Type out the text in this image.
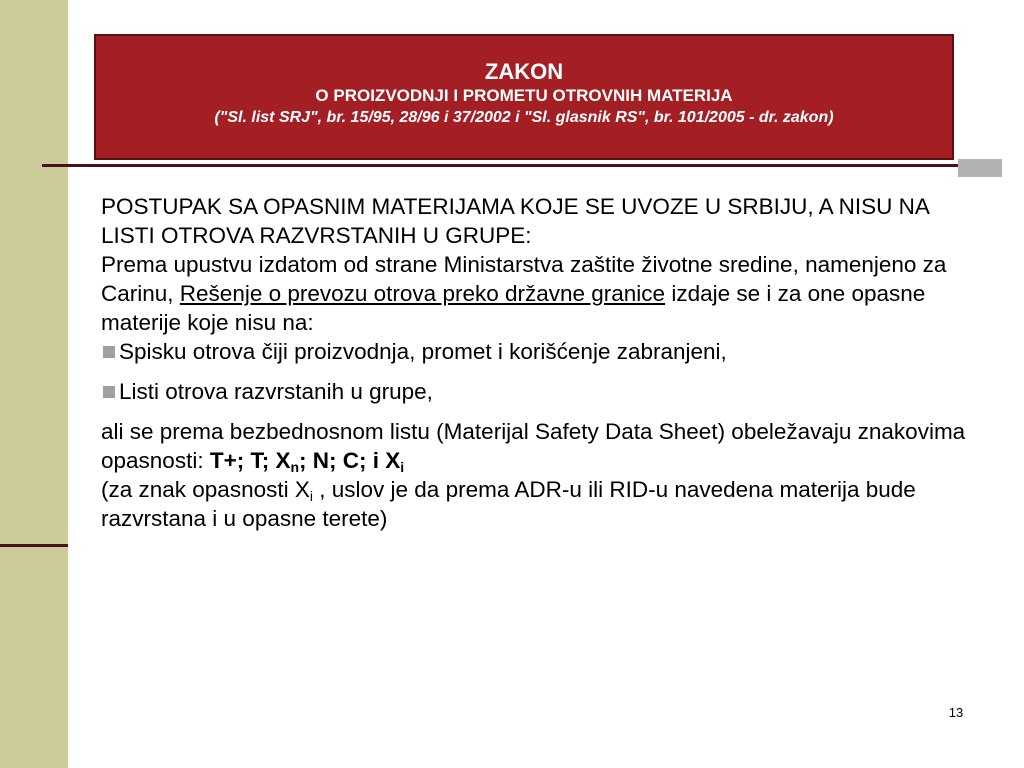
ZAKON
O PROIZVODNJI I PROMETU OTROVNIH MATERIJA
("Sl. list SRJ", br. 15/95, 28/96 i 37/2002 i "Sl. glasnik RS", br. 101/2005 - dr. zakon)

POSTUPAK SA OPASNIM MATERIJAMA KOJE SE UVOZE U SRBIJU, A NISU NA LISTI OTROVA RAZVRSTANIH U GRUPE:

Prema upustvu izdatom od strane Ministarstva zaštite životne sredine, namenjeno za Carinu, Rešenje o prevozu otrova preko državne granice izdaje se i za one opasne materije koje nisu na:

Spisku otrova čiji proizvodnja, promet i korišćenje zabranjeni,

Listi otrova razvrstanih u grupe,

ali se prema bezbednosnom listu (Materijal Safety Data Sheet) obeležavaju znakovima opasnosti: T+; T; $X_n$; N; C; i $X_i$

(za znak opasnosti $X_i$ , uslov je da prema ADR-u ili RID-u navedena materija bude razvrstana i u opasne terete)

13
